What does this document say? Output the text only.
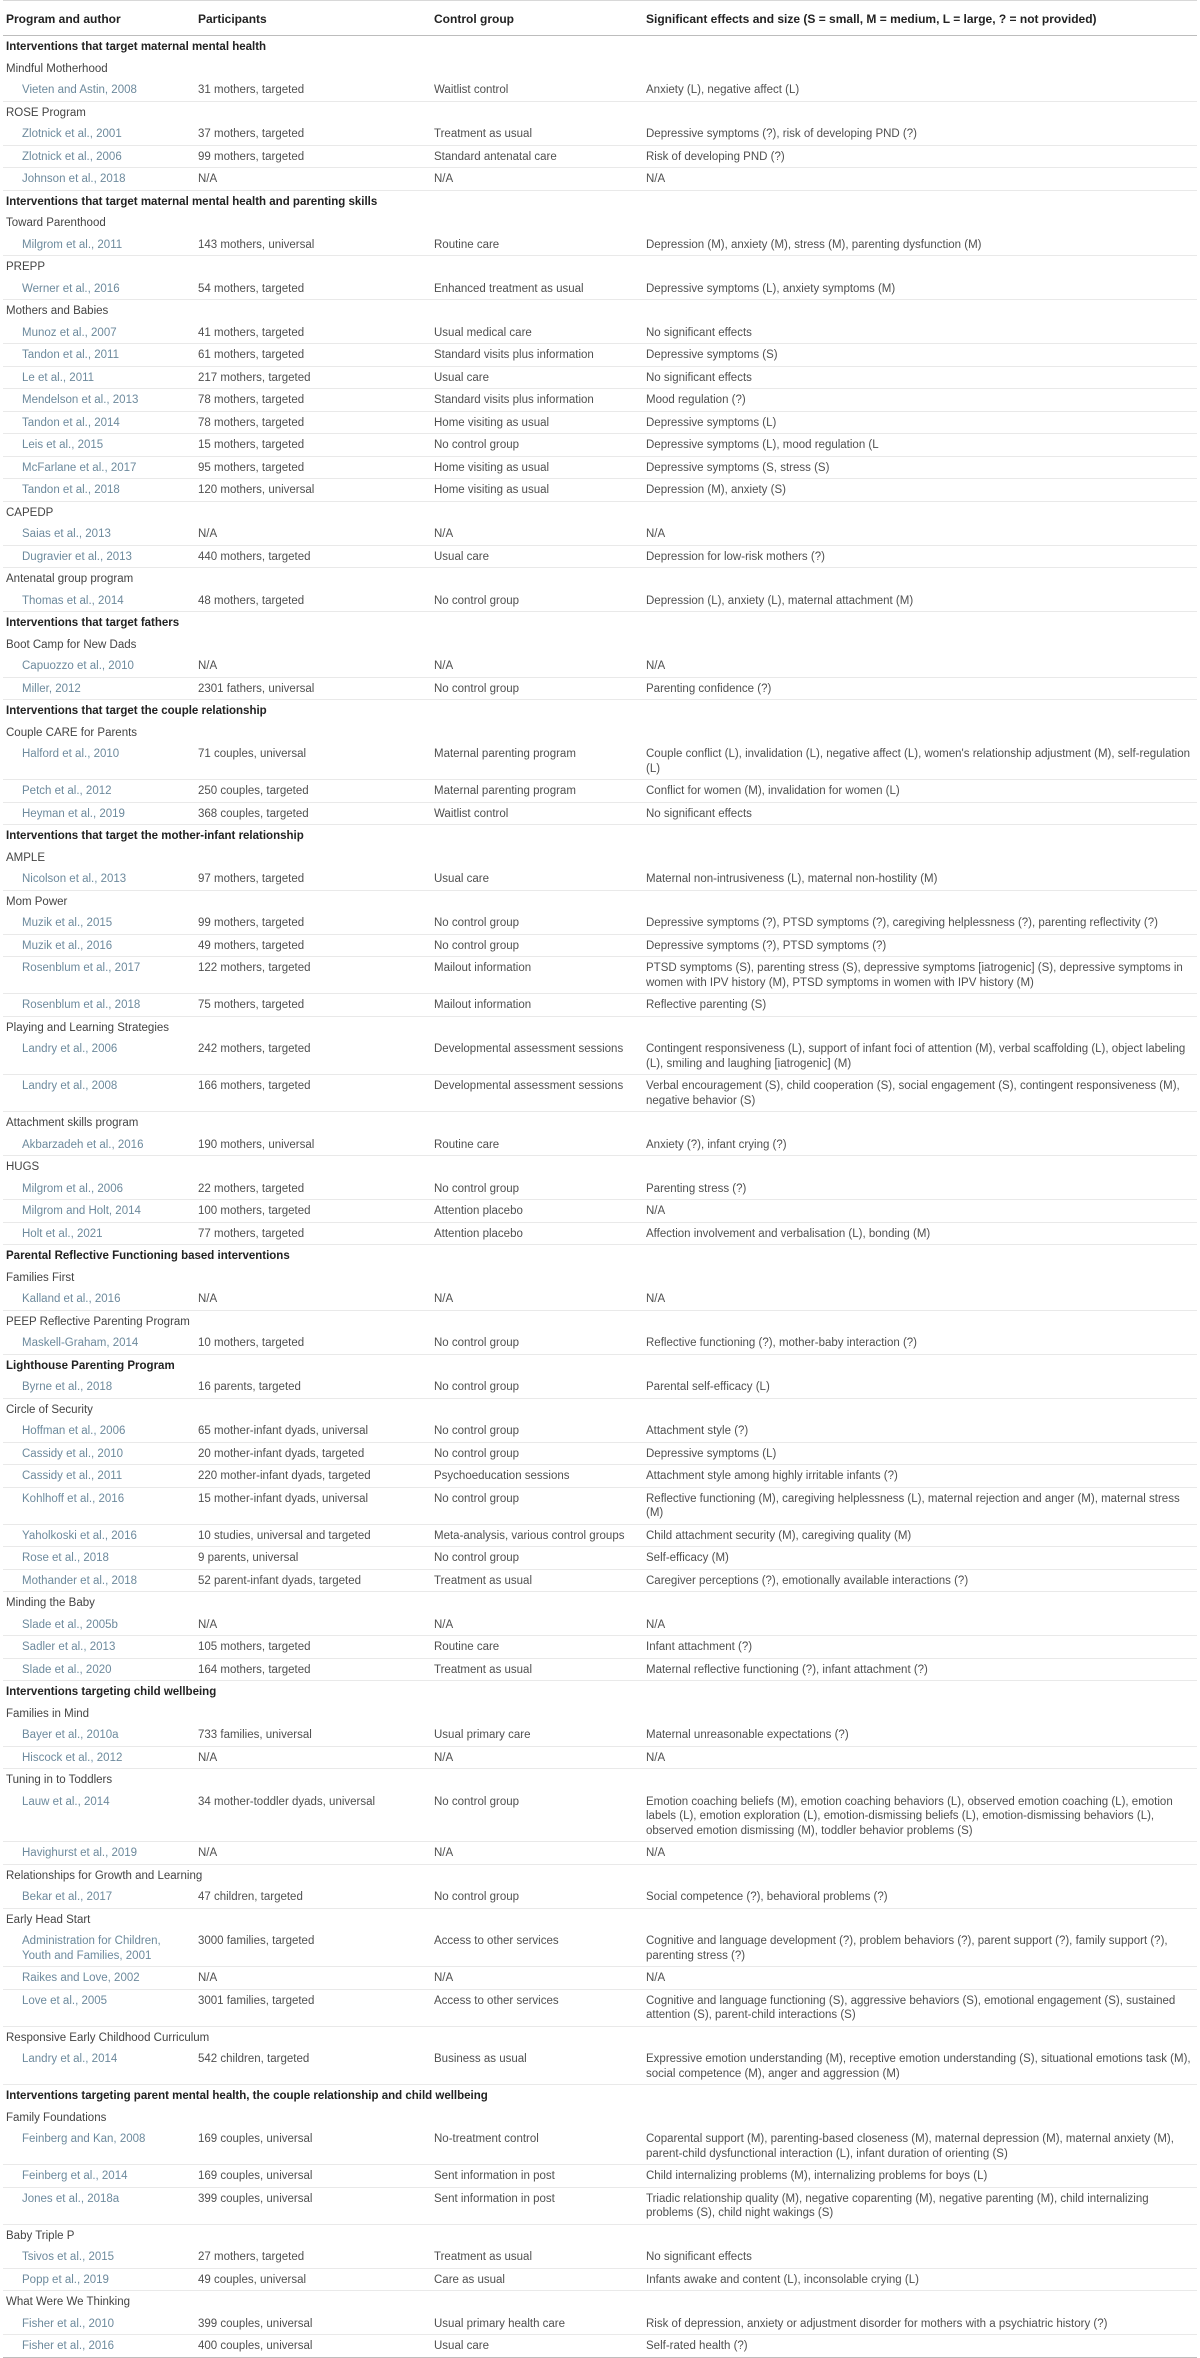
Program and author	Participants	Control group	Significant effects and size (S = small, M = medium, L = large, ? = not provided)
Interventions that target maternal mental health			
Mindful Motherhood			
Vieten and Astin, 2008	31 mothers, targeted	Waitlist control	Anxiety (L), negative affect (L)
ROSE Program			
Zlotnick et al., 2001	37 mothers, targeted	Treatment as usual	Depressive symptoms (?), risk of developing PND (?)
Zlotnick et al., 2006	99 mothers, targeted	Standard antenatal care	Risk of developing PND (?)
Johnson et al., 2018	N/A	N/A	N/A
Interventions that target maternal mental health and parenting skills			
Toward Parenthood			
Milgrom et al., 2011	143 mothers, universal	Routine care	Depression (M), anxiety (M), stress (M), parenting dysfunction (M)
PREPP			
Werner et al., 2016	54 mothers, targeted	Enhanced treatment as usual	Depressive symptoms (L), anxiety symptoms (M)
Mothers and Babies			
Munoz et al., 2007	41 mothers, targeted	Usual medical care	No significant effects
Tandon et al., 2011	61 mothers, targeted	Standard visits plus information	Depressive symptoms (S)
Le et al., 2011	217 mothers, targeted	Usual care	No significant effects
Mendelson et al., 2013	78 mothers, targeted	Standard visits plus information	Mood regulation (?)
Tandon et al., 2014	78 mothers, targeted	Home visiting as usual	Depressive symptoms (L)
Leis et al., 2015	15 mothers, targeted	No control group	Depressive symptoms (L), mood regulation (L
McFarlane et al., 2017	95 mothers, targeted	Home visiting as usual	Depressive symptoms (S, stress (S)
Tandon et al., 2018	120 mothers, universal	Home visiting as usual	Depression (M), anxiety (S)
CAPEDP			
Saias et al., 2013	N/A	N/A	N/A
Dugravier et al., 2013	440 mothers, targeted	Usual care	Depression for low-risk mothers (?)
Antenatal group program			
Thomas et al., 2014	48 mothers, targeted	No control group	Depression (L), anxiety (L), maternal attachment (M)
Interventions that target fathers			
Boot Camp for New Dads			
Capuozzo et al., 2010	N/A	N/A	N/A
Miller, 2012	2301 fathers, universal	No control group	Parenting confidence (?)
Interventions that target the couple relationship			
Couple CARE for Parents			
Halford et al., 2010	71 couples, universal	Maternal parenting program	Couple conflict (L), invalidation (L), negative affect (L), women's relationship adjustment (M), self-regulation (L)
Petch et al., 2012	250 couples, targeted	Maternal parenting program	Conflict for women (M), invalidation for women (L)
Heyman et al., 2019	368 couples, targeted	Waitlist control	No significant effects
Interventions that target the mother-infant relationship			
AMPLE			
Nicolson et al., 2013	97 mothers, targeted	Usual care	Maternal non-intrusiveness (L), maternal non-hostility (M)
Mom Power			
Muzik et al., 2015	99 mothers, targeted	No control group	Depressive symptoms (?), PTSD symptoms (?), caregiving helplessness (?), parenting reflectivity (?)
Muzik et al., 2016	49 mothers, targeted	No control group	Depressive symptoms (?), PTSD symptoms (?)
Rosenblum et al., 2017	122 mothers, targeted	Mailout information	PTSD symptoms (S), parenting stress (S), depressive symptoms [iatrogenic] (S), depressive symptoms in women with IPV history (M), PTSD symptoms in women with IPV history (M)
Rosenblum et al., 2018	75 mothers, targeted	Mailout information	Reflective parenting (S)
Playing and Learning Strategies			
Landry et al., 2006	242 mothers, targeted	Developmental assessment sessions	Contingent responsiveness (L), support of infant foci of attention (M), verbal scaffolding (L), object labeling (L), smiling and laughing [iatrogenic] (M)
Landry et al., 2008	166 mothers, targeted	Developmental assessment sessions	Verbal encouragement (S), child cooperation (S), social engagement (S), contingent responsiveness (M), negative behavior (S)
Attachment skills program			
Akbarzadeh et al., 2016	190 mothers, universal	Routine care	Anxiety (?), infant crying (?)
HUGS			
Milgrom et al., 2006	22 mothers, targeted	No control group	Parenting stress (?)
Milgrom and Holt, 2014	100 mothers, targeted	Attention placebo	N/A
Holt et al., 2021	77 mothers, targeted	Attention placebo	Affection involvement and verbalisation (L), bonding (M)
Parental Reflective Functioning based interventions			
Families First			
Kalland et al., 2016	N/A	N/A	N/A
PEEP Reflective Parenting Program			
Maskell-Graham, 2014	10 mothers, targeted	No control group	Reflective functioning (?), mother-baby interaction (?)
Lighthouse Parenting Program			
Byrne et al., 2018	16 parents, targeted	No control group	Parental self-efficacy (L)
Circle of Security			
Hoffman et al., 2006	65 mother-infant dyads, universal	No control group	Attachment style (?)
Cassidy et al., 2010	20 mother-infant dyads, targeted	No control group	Depressive symptoms (L)
Cassidy et al., 2011	220 mother-infant dyads, targeted	Psychoeducation sessions	Attachment style among highly irritable infants (?)
Kohlhoff et al., 2016	15 mother-infant dyads, universal	No control group	Reflective functioning (M), caregiving helplessness (L), maternal rejection and anger (M), maternal stress (M)
Yaholkoski et al., 2016	10 studies, universal and targeted	Meta-analysis, various control groups	Child attachment security (M), caregiving quality (M)
Rose et al., 2018	9 parents, universal	No control group	Self-efficacy (M)
Mothander et al., 2018	52 parent-infant dyads, targeted	Treatment as usual	Caregiver perceptions (?), emotionally available interactions (?)
Minding the Baby			
Slade et al., 2005b	N/A	N/A	N/A
Sadler et al., 2013	105 mothers, targeted	Routine care	Infant attachment (?)
Slade et al., 2020	164 mothers, targeted	Treatment as usual	Maternal reflective functioning (?), infant attachment (?)
Interventions targeting child wellbeing			
Families in Mind			
Bayer et al., 2010a	733 families, universal	Usual primary care	Maternal unreasonable expectations (?)
Hiscock et al., 2012	N/A	N/A	N/A
Tuning in to Toddlers			
Lauw et al., 2014	34 mother-toddler dyads, universal	No control group	Emotion coaching beliefs (M), emotion coaching behaviors (L), observed emotion coaching (L), emotion labels (L), emotion exploration (L), emotion-dismissing beliefs (L), emotion-dismissing behaviors (L), observed emotion dismissing (M), toddler behavior problems (S)
Havighurst et al., 2019	N/A	N/A	N/A
Relationships for Growth and Learning			
Bekar et al., 2017	47 children, targeted	No control group	Social competence (?), behavioral problems (?)
Early Head Start			
Administration for Children, Youth and Families, 2001	3000 families, targeted	Access to other services	Cognitive and language development (?), problem behaviors (?), parent support (?), family support (?), parenting stress (?)
Raikes and Love, 2002	N/A	N/A	N/A
Love et al., 2005	3001 families, targeted	Access to other services	Cognitive and language functioning (S), aggressive behaviors (S), emotional engagement (S), sustained attention (S), parent-child interactions (S)
Responsive Early Childhood Curriculum			
Landry et al., 2014	542 children, targeted	Business as usual	Expressive emotion understanding (M), receptive emotion understanding (S), situational emotions task (M), social competence (M), anger and aggression (M)
Interventions targeting parent mental health, the couple relationship and child wellbeing			
Family Foundations			
Feinberg and Kan, 2008	169 couples, universal	No-treatment control	Coparental support (M), parenting-based closeness (M), maternal depression (M), maternal anxiety (M), parent-child dysfunctional interaction (L), infant duration of orienting (S)
Feinberg et al., 2014	169 couples, universal	Sent information in post	Child internalizing problems (M), internalizing problems for boys (L)
Jones et al., 2018a	399 couples, universal	Sent information in post	Triadic relationship quality (M), negative coparenting (M), negative parenting (M), child internalizing problems (S), child night wakings (S)
Baby Triple P			
Tsivos et al., 2015	27 mothers, targeted	Treatment as usual	No significant effects
Popp et al., 2019	49 couples, universal	Care as usual	Infants awake and content (L), inconsolable crying (L)
What Were We Thinking			
Fisher et al., 2010	399 couples, universal	Usual primary health care	Risk of depression, anxiety or adjustment disorder for mothers with a psychiatric history (?)
Fisher et al., 2016	400 couples, universal	Usual care	Self-rated health (?)
